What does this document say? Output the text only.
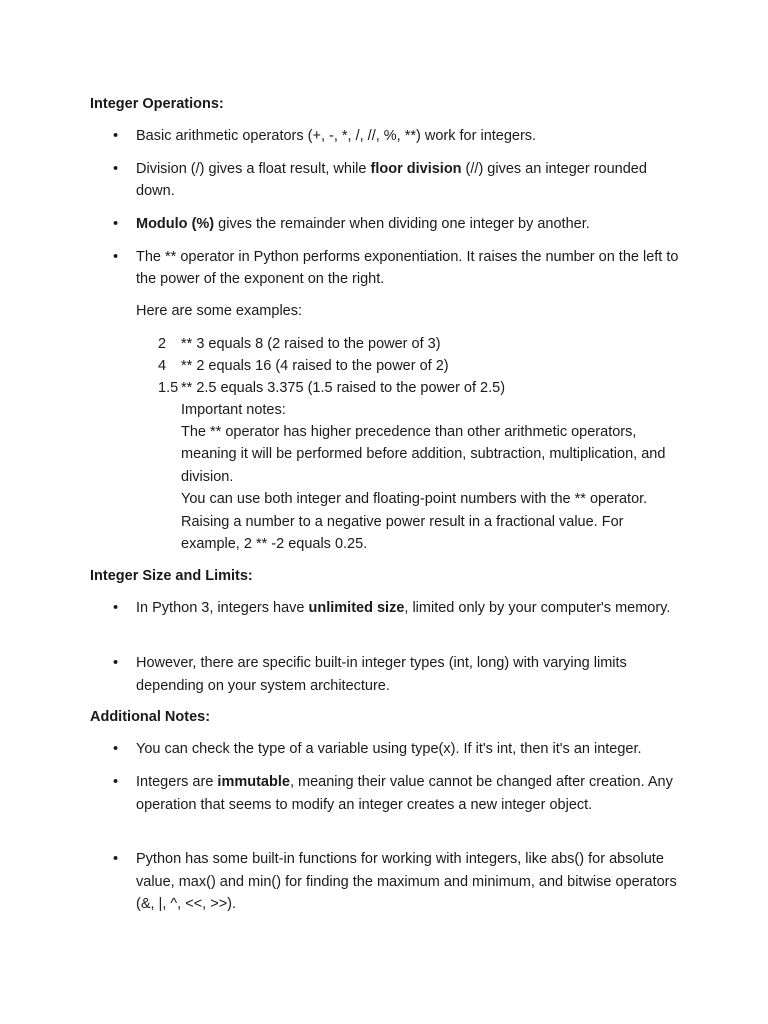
Integer Operations:
• Basic arithmetic operators (+, -, *, /, //, %, **) work for integers.
• Division (/) gives a float result, while floor division (//) gives an integer rounded down.
• Modulo (%) gives the remainder when dividing one integer by another.
• The ** operator in Python performs exponentiation. It raises the number on the left to the power of the exponent on the right.
Here are some examples:
2	** 3 equals 8 (2 raised to the power of 3)
4	** 2 equals 16 (4 raised to the power of 2)
1.5 ** 2.5 equals 3.375 (1.5 raised to the power of 2.5)
Important notes:
The ** operator has higher precedence than other arithmetic operators, meaning it will be performed before addition, subtraction, multiplication, and division.
You can use both integer and floating-point numbers with the ** operator.
Raising a number to a negative power result in a fractional value. For example, 2 ** -2 equals 0.25.
Integer Size and Limits:
• In Python 3, integers have unlimited size, limited only by your computer's memory.
• However, there are specific built-in integer types (int, long) with varying limits depending on your system architecture.
Additional Notes:
• You can check the type of a variable using type(x). If it's int, then it's an integer.
• Integers are immutable, meaning their value cannot be changed after creation. Any operation that seems to modify an integer creates a new integer object.
• Python has some built-in functions for working with integers, like abs() for absolute value, max() and min() for finding the maximum and minimum, and bitwise operators (&, |, ^, <<, >>).
